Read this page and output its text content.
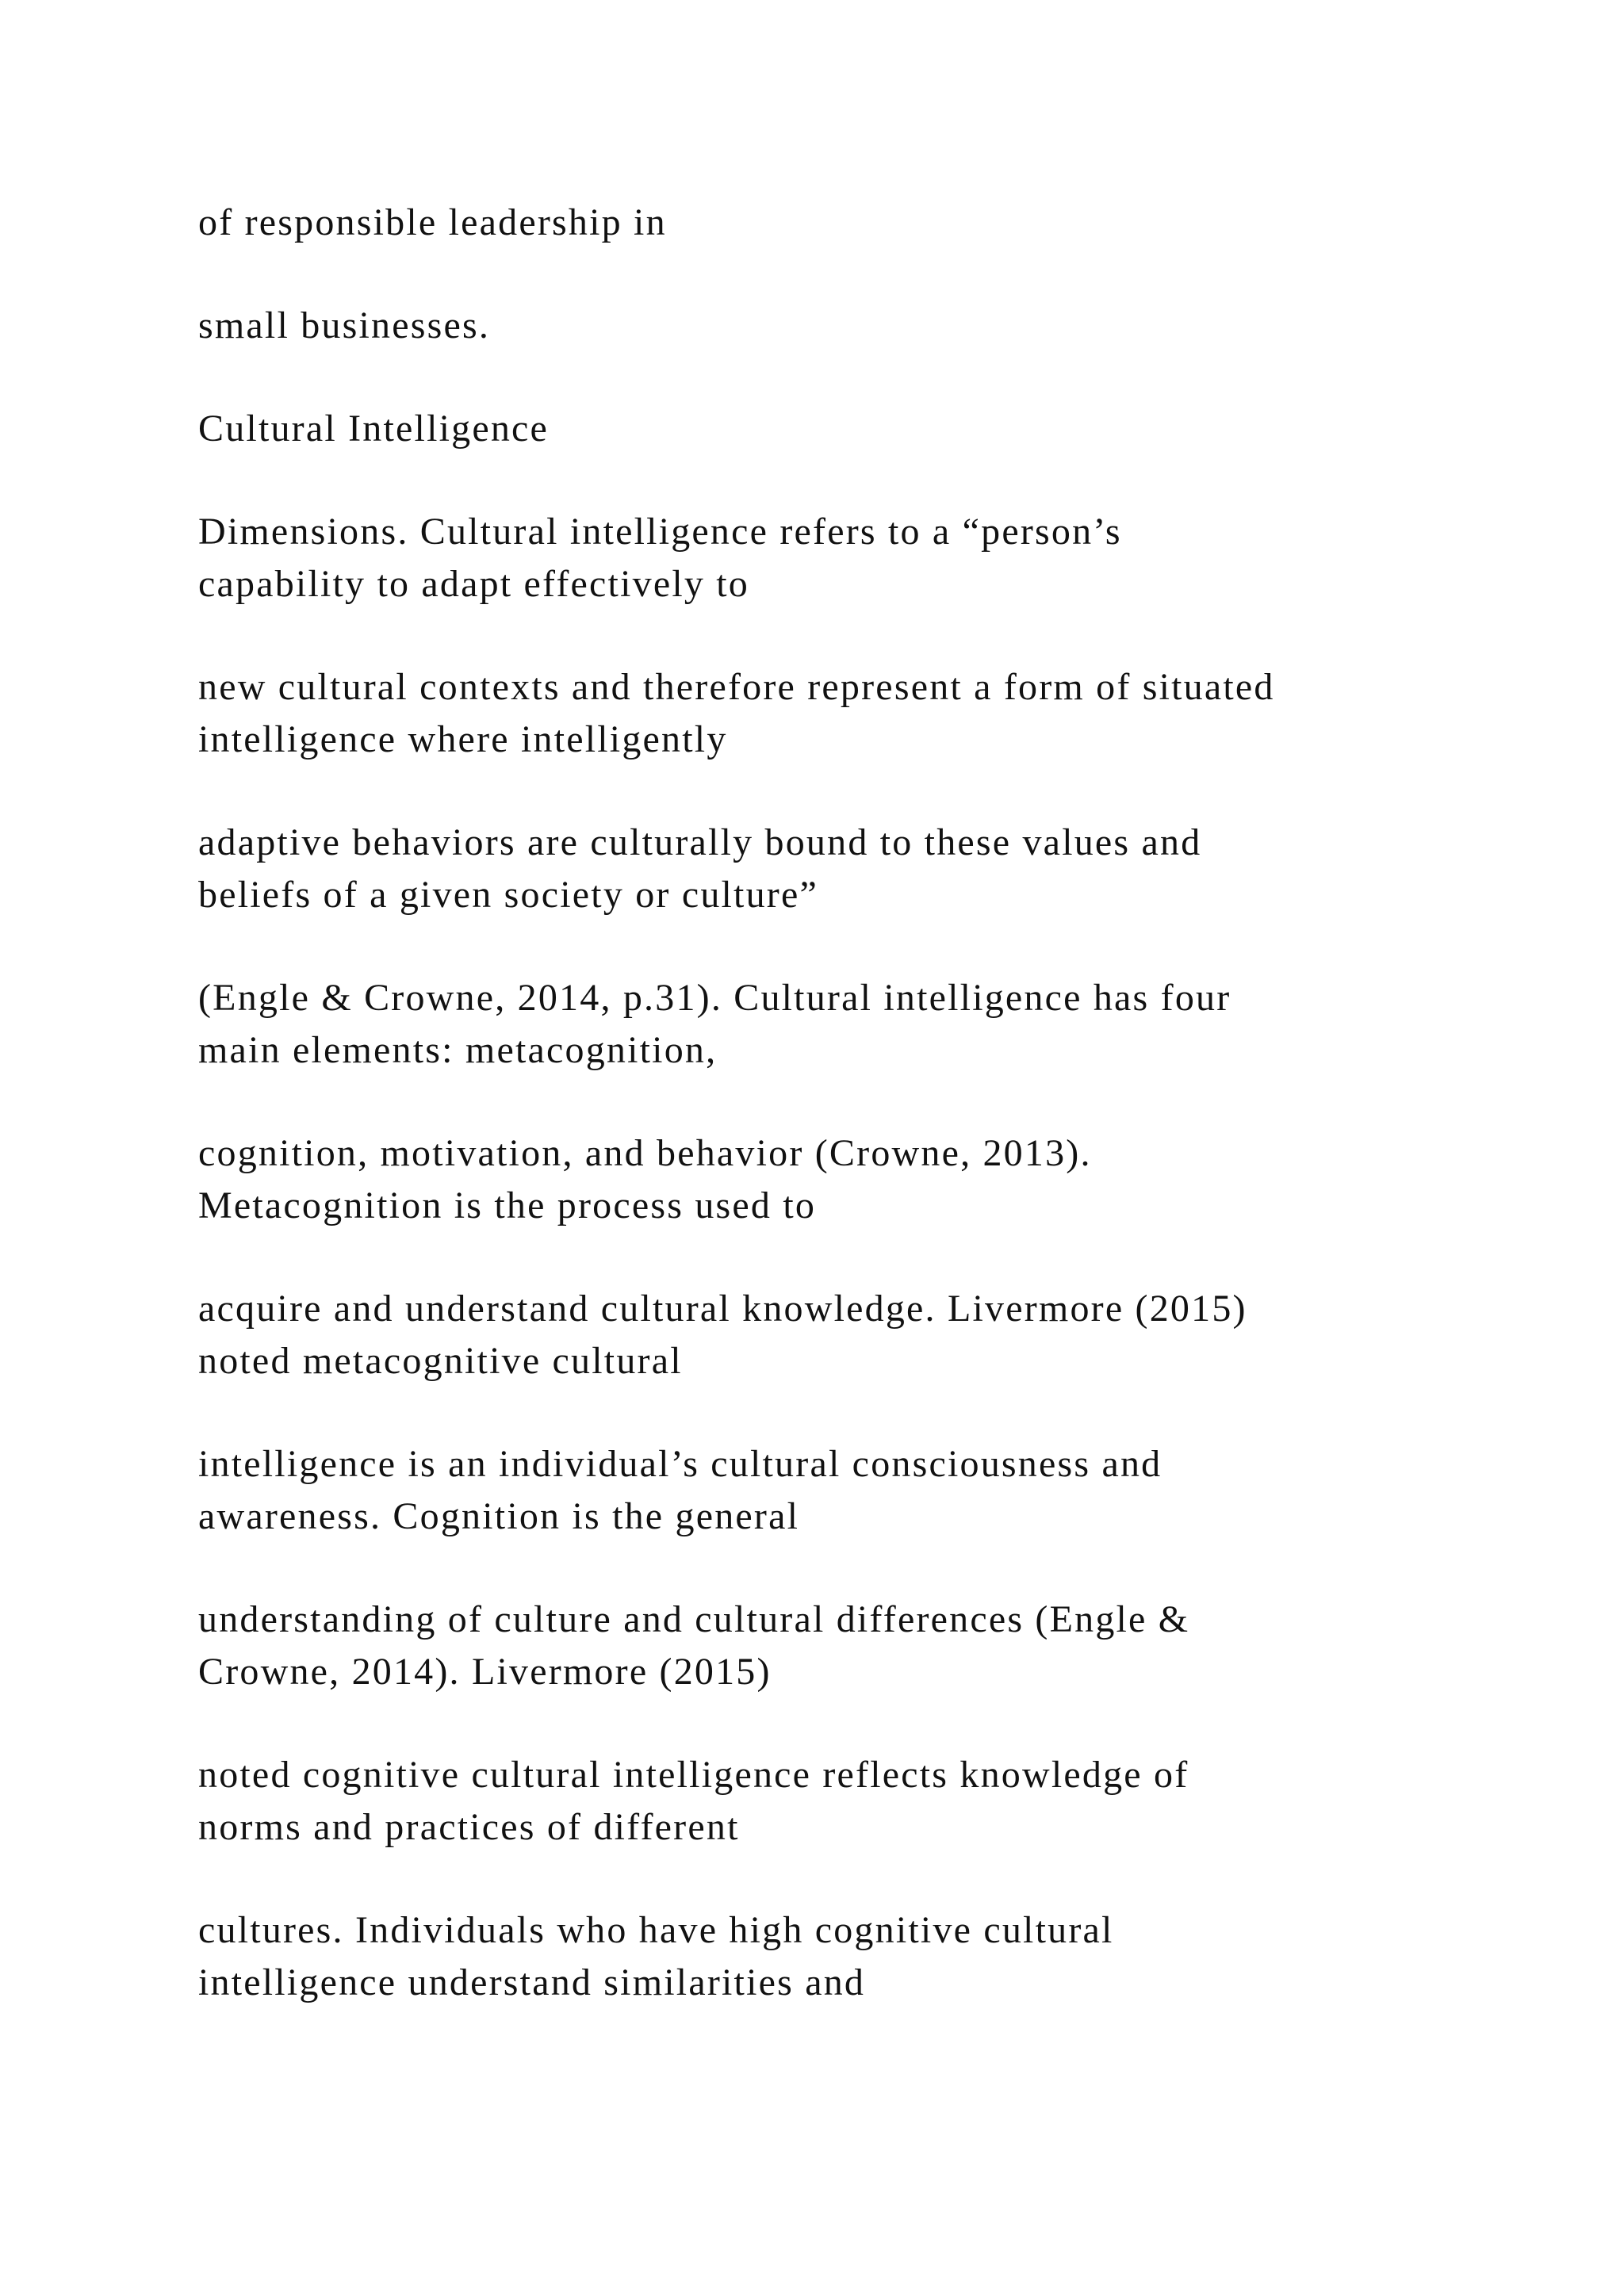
of responsible leadership in
small businesses.
Cultural Intelligence
Dimensions. Cultural intelligence refers to a “person’s
capability to adapt effectively to
new cultural contexts and therefore represent a form of situated
intelligence where intelligently
adaptive behaviors are culturally bound to these values and
beliefs of a given society or culture”
(Engle & Crowne, 2014, p.31). Cultural intelligence has four
main elements: metacognition,
cognition, motivation, and behavior (Crowne, 2013).
Metacognition is the process used to
acquire and understand cultural knowledge. Livermore (2015)
noted metacognitive cultural
intelligence is an individual’s cultural consciousness and
awareness. Cognition is the general
understanding of culture and cultural differences (Engle &
Crowne, 2014). Livermore (2015)
noted cognitive cultural intelligence reflects knowledge of
norms and practices of different
cultures. Individuals who have high cognitive cultural
intelligence understand similarities and
